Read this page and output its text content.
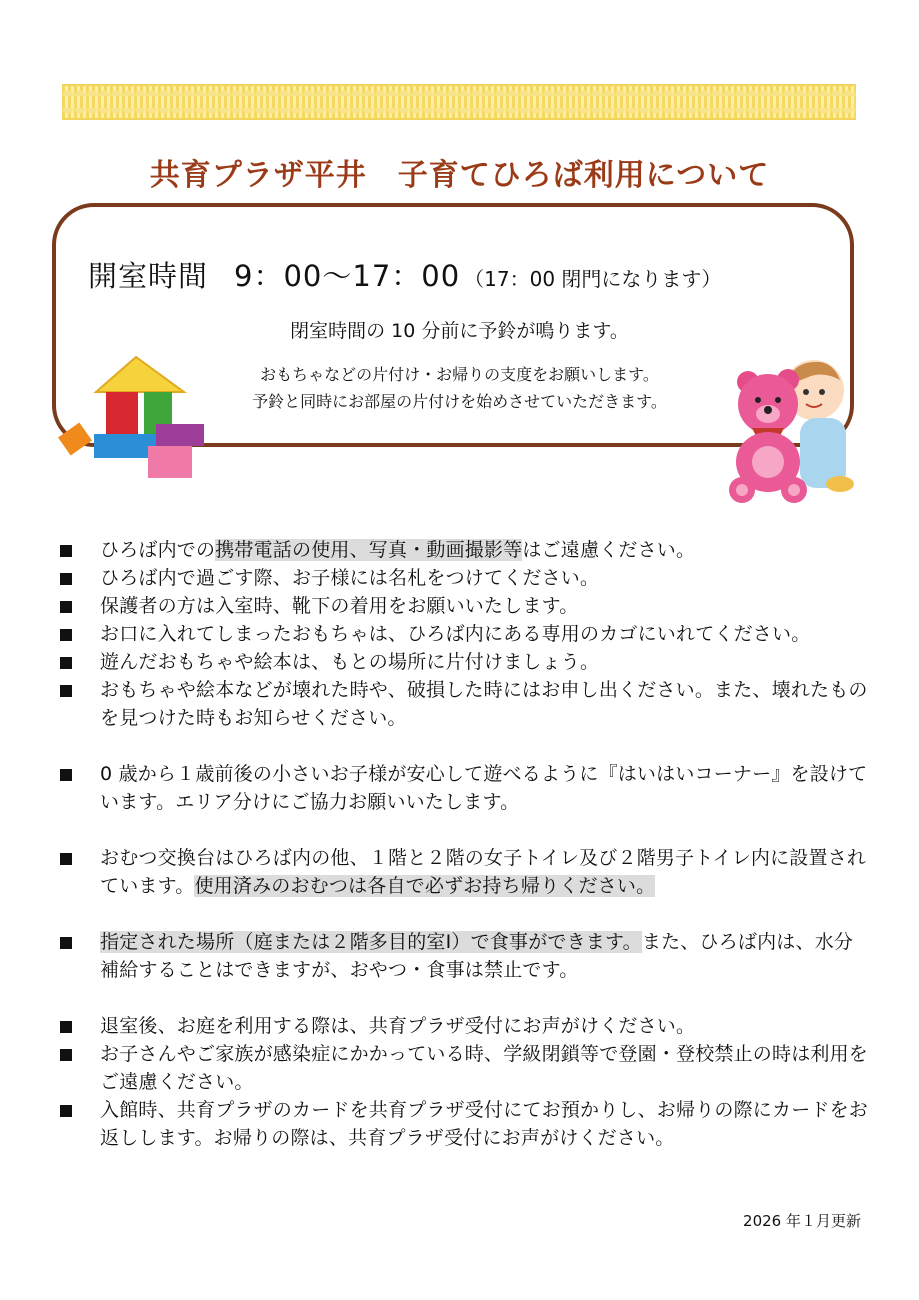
共育プラザ平井　子育てひろば利用について

開室時間 9：00～17：00 （17：00 閉門になります）

閉室時間の 10 分前に予鈴が鳴ります。

おもちゃなどの片付け・お帰りの支度をお願いします。

予鈴と同時にお部屋の片付けを始めさせていただきます。

ひろば内での携帯電話の使用、写真・動画撮影等はご遠慮ください。
ひろば内で過ごす際、お子様には名札をつけてください。
保護者の方は入室時、靴下の着用をお願いいたします。
お口に入れてしまったおもちゃは、ひろば内にある専用のカゴにいれてください。
遊んだおもちゃや絵本は、もとの場所に片付けましょう。
おもちゃや絵本などが壊れた時や、破損した時にはお申し出ください。また、壊れたものを見つけた時もお知らせください。
0 歳から１歳前後の小さいお子様が安心して遊べるように『はいはいコーナー』を設けています。エリア分けにご協力お願いいたします。
おむつ交換台はひろば内の他、１階と２階の女子トイレ及び２階男子トイレ内に設置されています。使用済みのおむつは各自で必ずお持ち帰りください。
指定された場所（庭または２階多目的室Ⅰ）で食事ができます。また、ひろば内は、水分補給することはできますが、おやつ・食事は禁止です。
退室後、お庭を利用する際は、共育プラザ受付にお声がけください。
お子さんやご家族が感染症にかかっている時、学級閉鎖等で登園・登校禁止の時は利用をご遠慮ください。
入館時、共育プラザのカードを共育プラザ受付にてお預かりし、お帰りの際にカードをお返しします。お帰りの際は、共育プラザ受付にお声がけください。

2026 年１月更新
